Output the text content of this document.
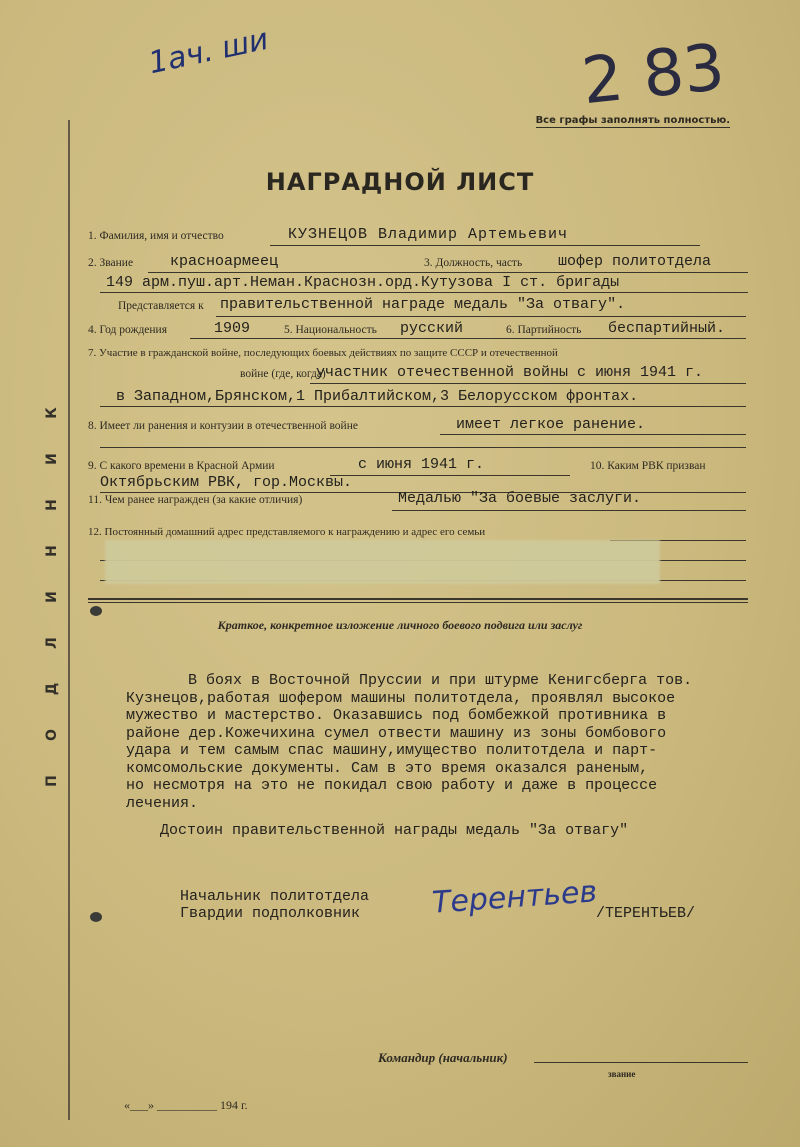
К
И
Н
Н
И
Л
Д
О
П
1ач. ши	2 83
Все графы заполнять полностью.
НАГРАДНОЙ ЛИСТ
1. Фамилия, имя и отчество	КУЗНЕЦОВ Владимир Артемьевич
2. Звание красноармеец	3. Должность, часть шофер политотдела
149 арм.пуш.арт.Неман.Краснозн.орд.Кутузова I ст. бригады
Представляется к правительственной награде медаль "За отвагу".
4. Год рождения	1909	5. Национальность русский	6. Партийность беспартийный.
7. Участие в гражданской войне, последующих боевых действиях по защите СССР и отечественной
войне (где, когда)
участник отечественной войны с июня 1941 г.
в Западном,Брянском,1 Прибалтийском,3 Белорусском фронтах.
8. Имеет ли ранения и контузии в отечественной войне	имеет легкое ранение.
9. С какого времени в Красной Армии	с июня 1941 г.	10. Каким РВК призван
Октябрьским РВК, гор.Москвы.
11. Чем ранее награжден (за какие отличия)	Медалью "За боевые заслуги.
12. Постоянный домашний адрес представляемого к награждению и адрес его семьи
Краткое, конкретное изложение личного боевого подвига или заслуг

В боях в Восточной Пруссии и при штурме Кенигсберга тов.

Кузнецов,работая шофером машины политотдела, проявлял высокое

мужество и мастерство. Оказавшись под бомбежкой противника в

районе дер.Кожечихина сумел отвести машину из зоны бомбового

удара и тем самым спас машину,имущество политотдела и парт-

комсомольские документы. Сам в это время оказался раненым,

но несмотря на это не покидал свою работу и даже в процессе

лечения.

Достоин правительственной награды медаль "За отвагу"
Начальник политотдела
Гвардии подполковник Терентьев
/ТЕРЕНТЬЕВ/
Командир (начальник)
звание
«___» __________ 194 г.
